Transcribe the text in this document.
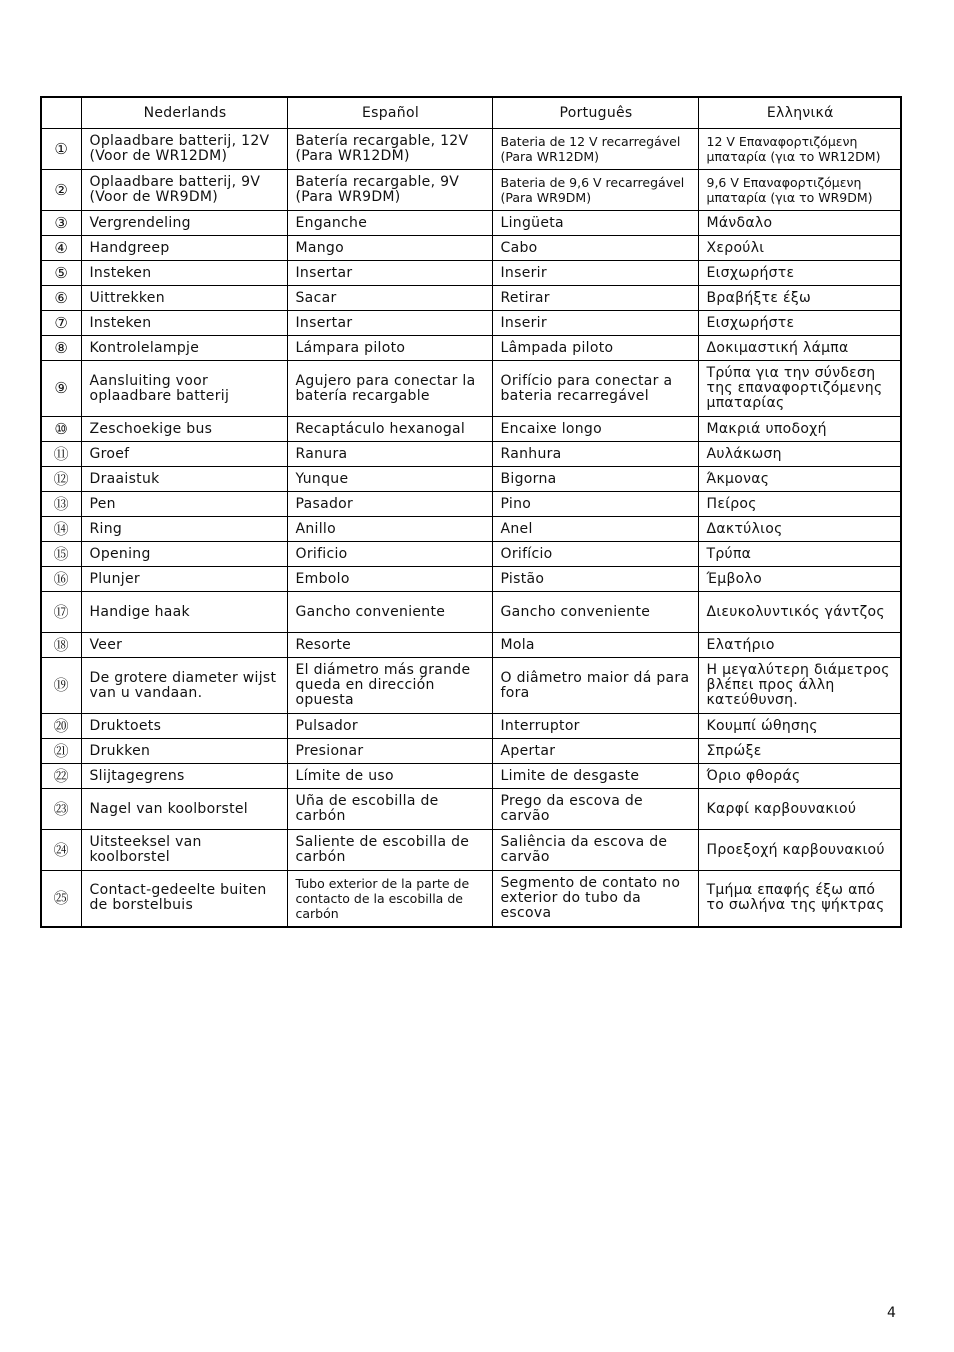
	Nederlands	Español	Português	Ελληνικά
①	Oplaadbare batterij, 12V (Voor de WR12DM)	Batería recargable, 12V (Para WR12DM)	Bateria de 12 V recarregável (Para WR12DM)	12 V Επαναφορτιζόμενη μπαταρία (για το WR12DM)
②	Oplaadbare batterij, 9V (Voor de WR9DM)	Batería recargable, 9V (Para WR9DM)	Bateria de 9,6 V recarregável (Para WR9DM)	9,6 V Επαναφορτιζόμενη μπαταρία (για το WR9DM)
③	Vergrendeling	Enganche	Lingüeta	Μάνδαλο
④	Handgreep	Mango	Cabo	Χερούλι
⑤	Insteken	Insertar	Inserir	Εισχωρήστε
⑥	Uittrekken	Sacar	Retirar	Βραβήξτε έξω
⑦	Insteken	Insertar	Inserir	Εισχωρήστε
⑧	Kontrolelampje	Lámpara piloto	Lâmpada piloto	Δοκιμαστική λάμπα
⑨	Aansluiting voor oplaadbare batterij	Agujero para conectar la batería recargable	Orifício para conectar a bateria recarregável	Τρύπα για την σύνδεση της επαναφορτιζόμενης μπαταρίας
⑩	Zeschoekige bus	Recaptáculo hexanogal	Encaixe longo	Μακριά υποδοχή
⑪	Groef	Ranura	Ranhura	Αυλάκωση
⑫	Draaistuk	Yunque	Bigorna	Άκμονας
⑬	Pen	Pasador	Pino	Πείρος
⑭	Ring	Anillo	Anel	Δακτύλιος
⑮	Opening	Orificio	Orifício	Τρύπα
⑯	Plunjer	Embolo	Pistão	Έμβολο
⑰	Handige haak	Gancho conveniente	Gancho conveniente	Διευκολυντικός γάντζος
⑱	Veer	Resorte	Mola	Ελατήριο
⑲	De grotere diameter wijst van u vandaan.	El diámetro más grande queda en dirección opuesta	O diâmetro maior dá para fora	Η μεγαλύτερη διάμετρος βλέπει προς άλλη κατεύθυνση.
⑳	Druktoets	Pulsador	Interruptor	Κουμπί ώθησης
㉑	Drukken	Presionar	Apertar	Σπρώξε
㉒	Slijtagegrens	Límite de uso	Limite de desgaste	Όριο φθοράς
㉓	Nagel van koolborstel	Uña de escobilla de carbón	Prego da escova de carvão	Καρφί καρβουνακιού
㉔	Uitsteeksel van koolborstel	Saliente de escobilla de carbón	Saliência da escova de carvão	Προεξοχή καρβουνακιού
㉕	Contact-gedeelte buiten de borstelbuis	Tubo exterior de la parte de contacto de la escobilla de carbón	Segmento de contato no exterior do tubo da escova	Τμήμα επαφής έξω από το σωλήνα της ψήκτρας
4
